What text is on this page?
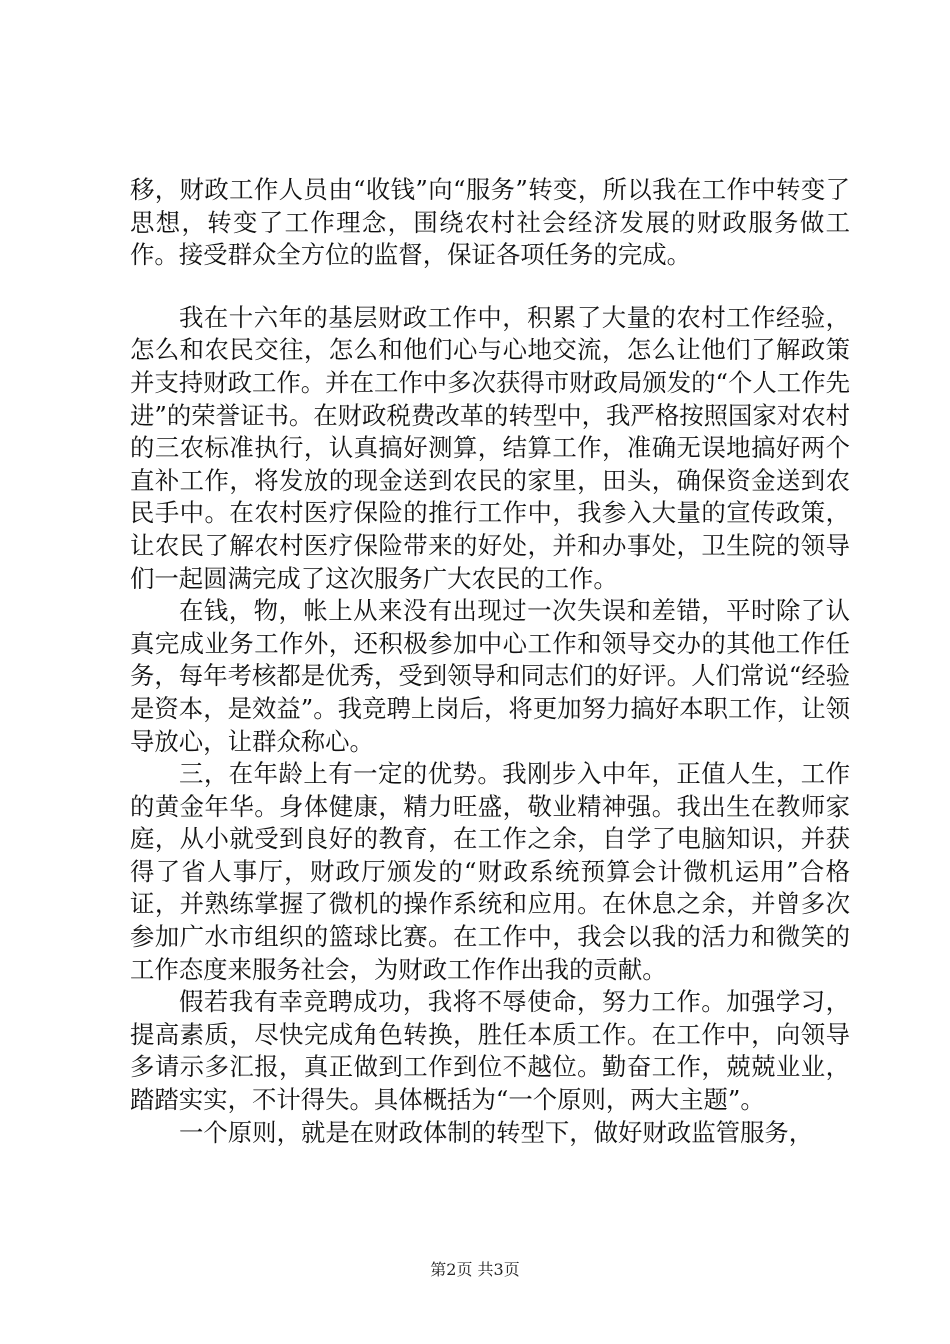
移，财政工作人员由“收钱”向“服务”转变，所以我在工作中转变了思想，转变了工作理念，围绕农村社会经济发展的财政服务做工作。接受群众全方位的监督，保证各项任务的完成。

我在十六年的基层财政工作中，积累了大量的农村工作经验，怎么和农民交往，怎么和他们心与心地交流，怎么让他们了解政策并支持财政工作。并在工作中多次获得市财政局颁发的“个人工作先进”的荣誉证书。在财政税费改革的转型中，我严格按照国家对农村的三农标准执行，认真搞好测算，结算工作，准确无误地搞好两个直补工作，将发放的现金送到农民的家里，田头，确保资金送到农民手中。在农村医疗保险的推行工作中，我参入大量的宣传政策，让农民了解农村医疗保险带来的好处，并和办事处，卫生院的领导们一起圆满完成了这次服务广大农民的工作。

在钱，物，帐上从来没有出现过一次失误和差错，平时除了认真完成业务工作外，还积极参加中心工作和领导交办的其他工作任务，每年考核都是优秀，受到领导和同志们的好评。人们常说“经验是资本，是效益”。我竞聘上岗后，将更加努力搞好本职工作，让领导放心，让群众称心。

三，在年龄上有一定的优势。我刚步入中年，正值人生，工作的黄金年华。身体健康，精力旺盛，敬业精神强。我出生在教师家庭，从小就受到良好的教育，在工作之余，自学了电脑知识，并获得了省人事厅，财政厅颁发的“财政系统预算会计微机运用”合格证，并熟练掌握了微机的操作系统和应用。在休息之余，并曾多次参加广水市组织的篮球比赛。在工作中，我会以我的活力和微笑的工作态度来服务社会，为财政工作作出我的贡献。

假若我有幸竞聘成功，我将不辱使命，努力工作。加强学习，提高素质，尽快完成角色转换，胜任本质工作。在工作中，向领导多请示多汇报，真正做到工作到位不越位。勤奋工作，兢兢业业，踏踏实实，不计得失。具体概括为“一个原则，两大主题”。

一个原则，就是在财政体制的转型下，做好财政监管服务，

第2页 共3页
